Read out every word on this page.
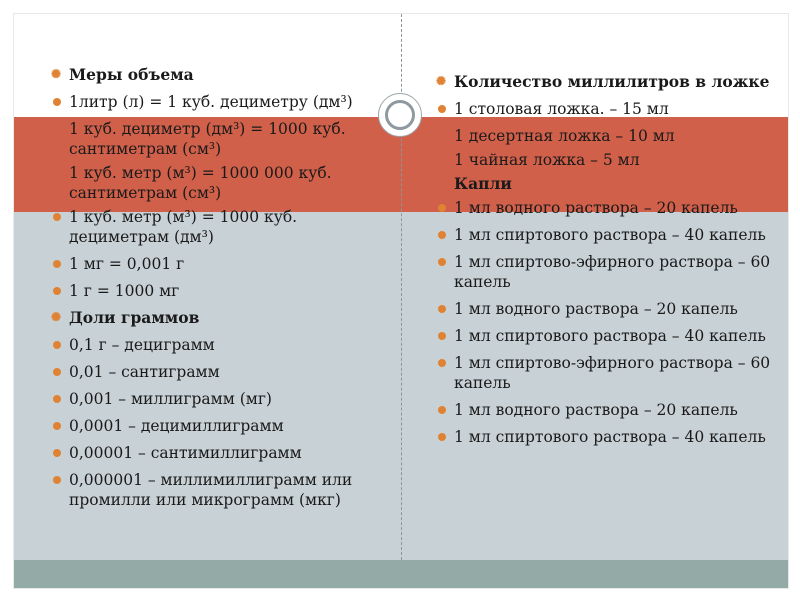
✺ Меры объема
1литр (л) = 1 куб. дециметру (дм³)
1 куб. дециметр (дм³) = 1000 куб. сантиметрам (см³)
1 куб. метр (м³) = 1000 000 куб. сантиметрам (см³)
1 куб. метр (м³) = 1000 куб. дециметрам (дм³)
1 мг = 0,001 г
1 г = 1000 мг
✺ Доли граммов
0,1 г – дециграмм
0,01 – сантиграмм
0,001 – миллиграмм (мг)
0,0001 – децимиллиграмм
0,00001 – сантимиллиграмм
0,000001 – миллимиллиграмм или промилли или микрограмм (мкг)
✺ Количество миллилитров в ложке
1 столовая ложка. – 15 мл
1 десертная ложка – 10 мл
1 чайная ложка – 5 мл
Капли
1 мл водного раствора – 20 капель
1 мл спиртового раствора – 40 капель
1 мл спиртово-эфирного раствора – 60 капель
1 мл водного раствора – 20 капель
1 мл спиртового раствора – 40 капель
1 мл спиртово-эфирного раствора – 60 капель
1 мл водного раствора – 20 капель
1 мл спиртового раствора – 40 капель
